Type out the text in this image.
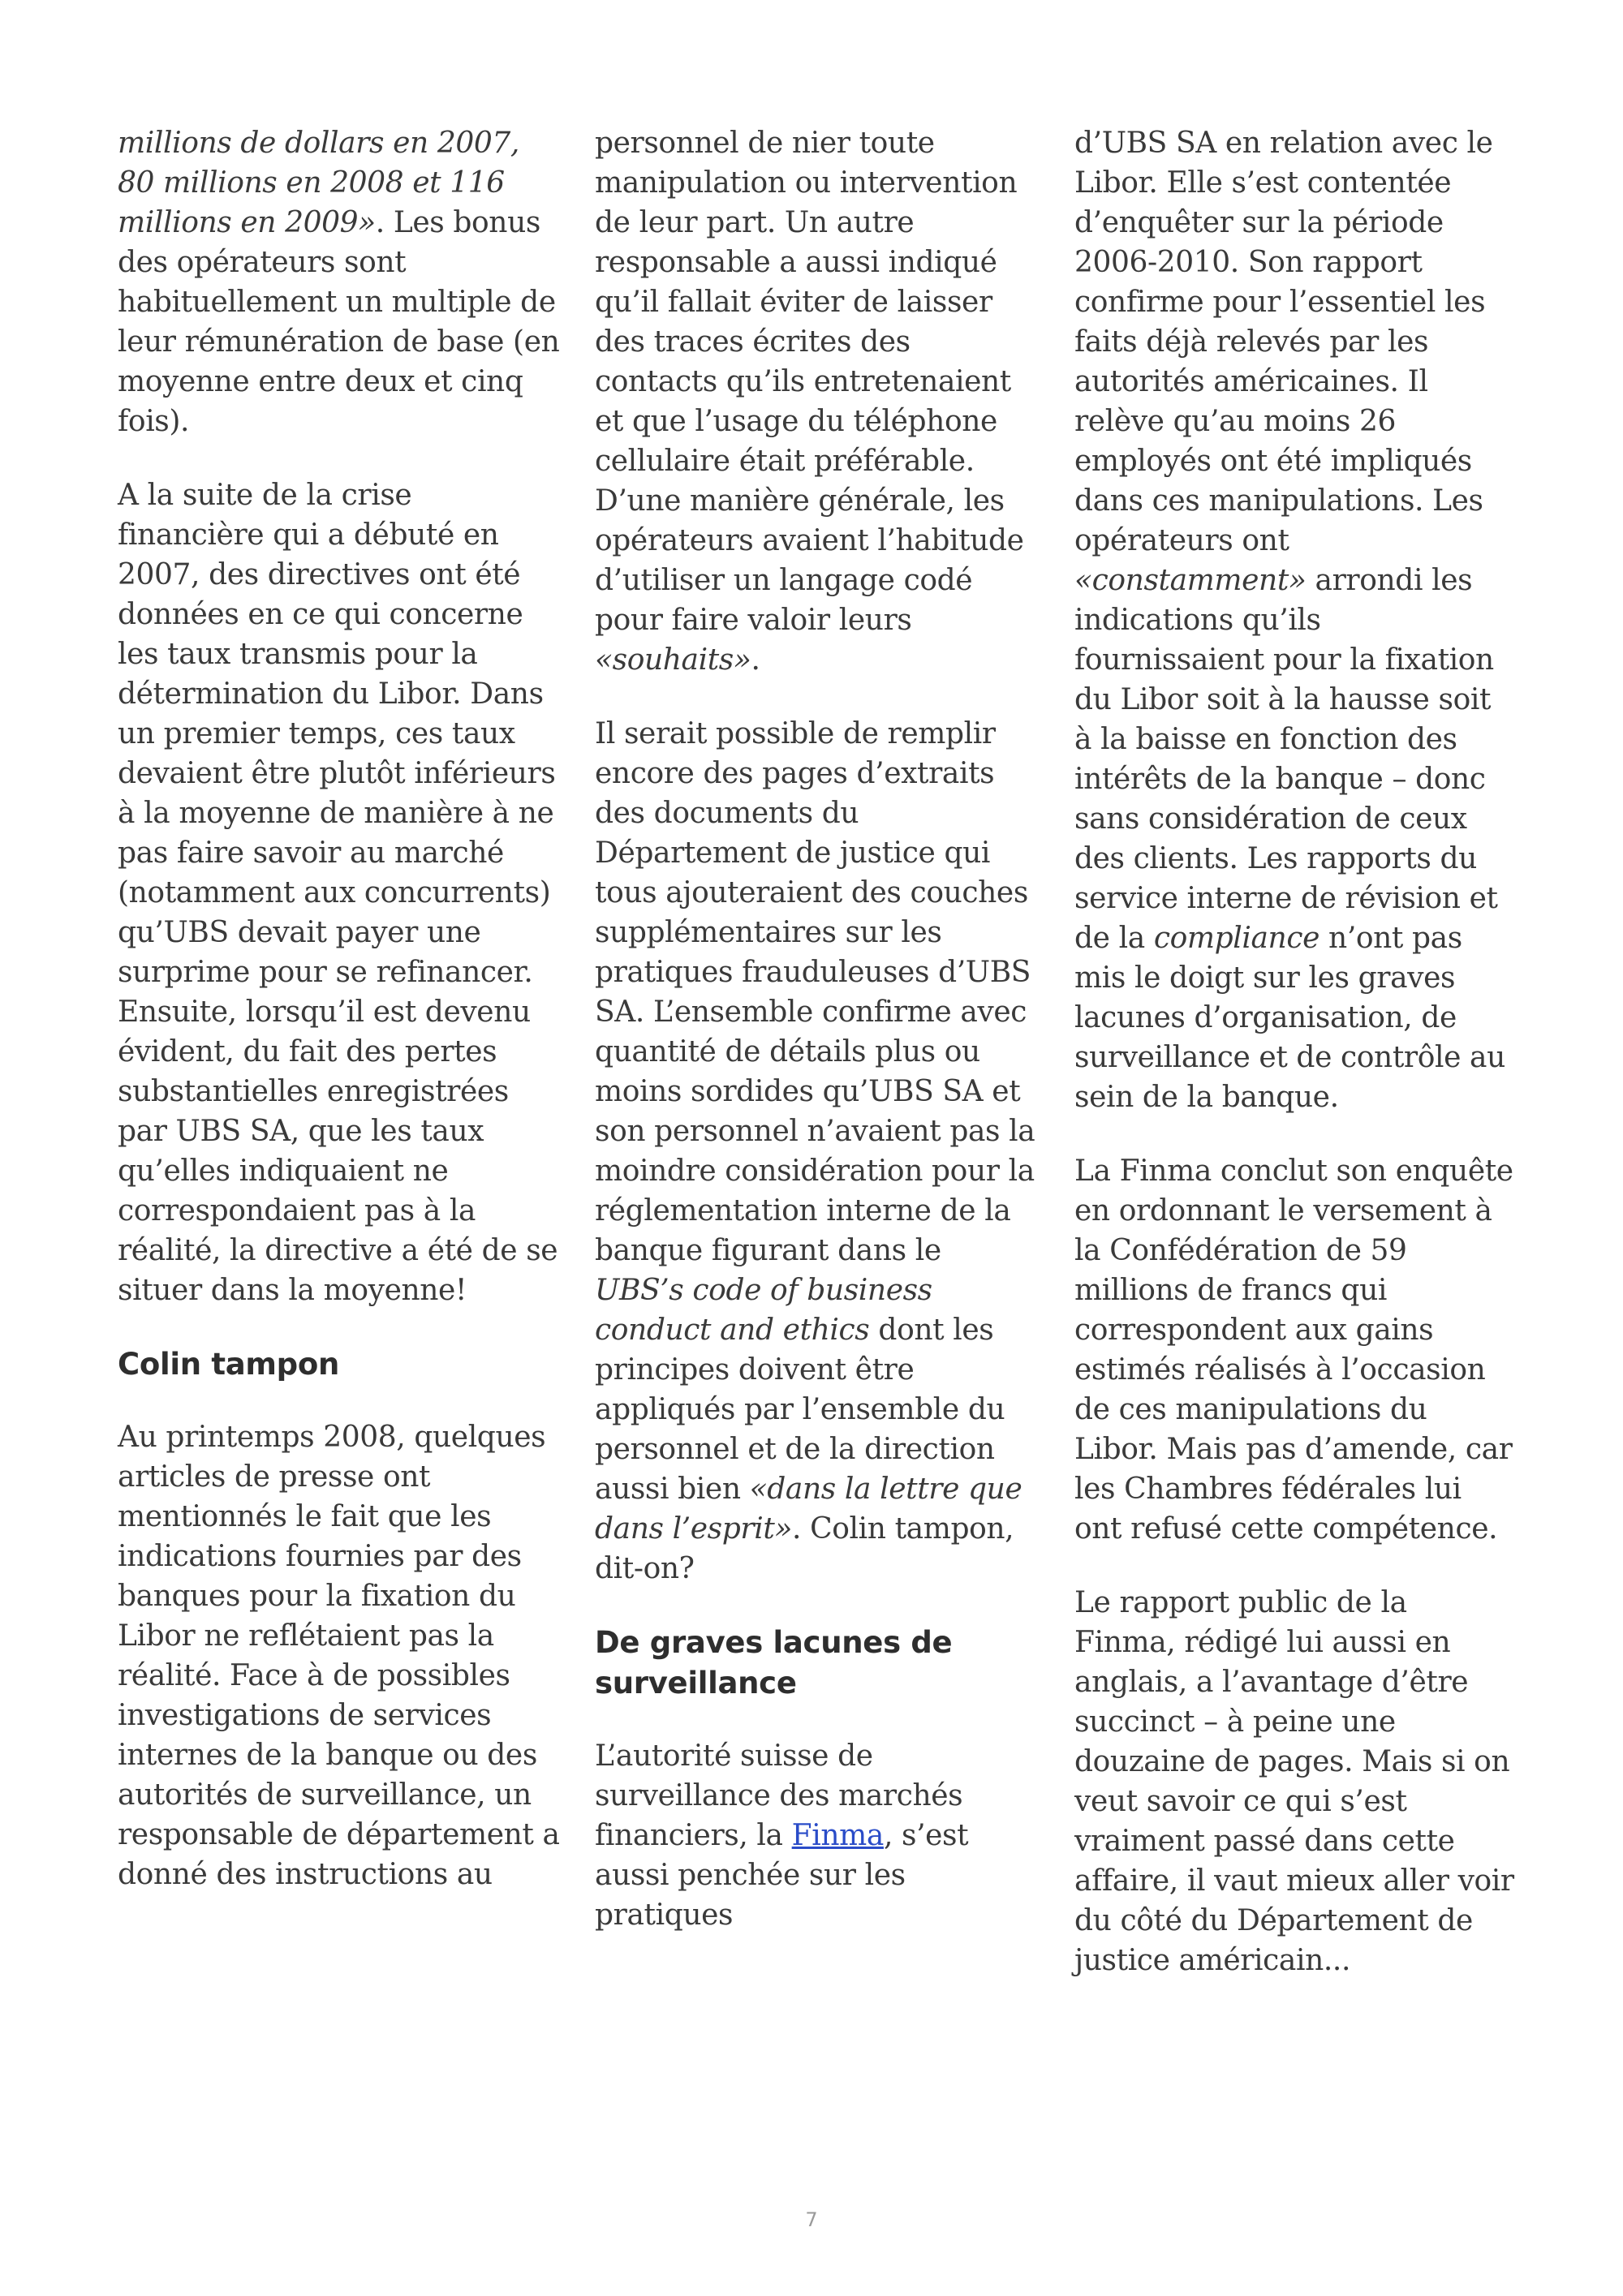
millions de dollars en 2007, 80 millions en 2008 et 116 millions en 2009». Les bonus des opérateurs sont habituellement un multiple de leur rémunération de base (en moyenne entre deux et cinq fois).

A la suite de la crise financière qui a débuté en 2007, des directives ont été données en ce qui concerne les taux transmis pour la détermination du Libor. Dans un premier temps, ces taux devaient être plutôt inférieurs à la moyenne de manière à ne pas faire savoir au marché (notamment aux concurrents) qu’UBS devait payer une surprime pour se refinancer. Ensuite, lorsqu’il est devenu évident, du fait des pertes substantielles enregistrées par UBS SA, que les taux qu’elles indiquaient ne correspondaient pas à la réalité, la directive a été de se situer dans la moyenne!

Colin tampon

Au printemps 2008, quelques articles de presse ont mentionnés le fait que les indications fournies par des banques pour la fixation du Libor ne reflétaient pas la réalité. Face à de possibles investigations de services internes de la banque ou des autorités de surveillance, un responsable de département a donné des instructions au

personnel de nier toute manipulation ou intervention de leur part. Un autre responsable a aussi indiqué qu’il fallait éviter de laisser des traces écrites des contacts qu’ils entretenaient et que l’usage du téléphone cellulaire était préférable. D’une manière générale, les opérateurs avaient l’habitude d’utiliser un langage codé pour faire valoir leurs «souhaits».

Il serait possible de remplir encore des pages d’extraits des documents du Département de justice qui tous ajouteraient des couches supplémentaires sur les pratiques frauduleuses d’UBS SA. L’ensemble confirme avec quantité de détails plus ou moins sordides qu’UBS SA et son personnel n’avaient pas la moindre considération pour la réglementation interne de la banque figurant dans le UBS’s code of business conduct and ethics dont les principes doivent être appliqués par l’ensemble du personnel et de la direction aussi bien «dans la lettre que dans l’esprit». Colin tampon, dit-on?

De graves lacunes de surveillance

L’autorité suisse de surveillance des marchés financiers, la Finma, s’est aussi penchée sur les pratiques

d’UBS SA en relation avec le Libor. Elle s’est contentée d’enquêter sur la période 2006-2010. Son rapport confirme pour l’essentiel les faits déjà relevés par les autorités américaines. Il relève qu’au moins 26 employés ont été impliqués dans ces manipulations. Les opérateurs ont «constamment» arrondi les indications qu’ils fournissaient pour la fixation du Libor soit à la hausse soit à la baisse en fonction des intérêts de la banque – donc sans considération de ceux des clients. Les rapports du service interne de révision et de la compliance n’ont pas mis le doigt sur les graves lacunes d’organisation, de surveillance et de contrôle au sein de la banque.

La Finma conclut son enquête en ordonnant le versement à la Confédération de 59 millions de francs qui correspondent aux gains estimés réalisés à l’occasion de ces manipulations du Libor. Mais pas d’amende, car les Chambres fédérales lui ont refusé cette compétence.

Le rapport public de la Finma, rédigé lui aussi en anglais, a l’avantage d’être succinct – à peine une douzaine de pages. Mais si on veut savoir ce qui s’est vraiment passé dans cette affaire, il vaut mieux aller voir du côté du Département de justice américain...

7
